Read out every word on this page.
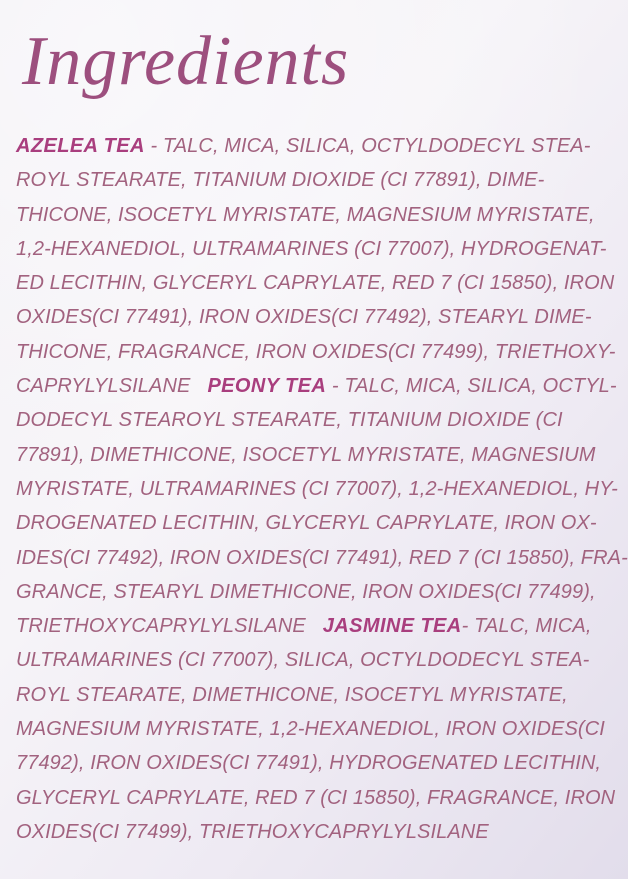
Ingredients
AZELEA TEA - TALC, MICA, SILICA, OCTYLDODECYL STEA-
ROYL STEARATE, TITANIUM DIOXIDE (CI 77891), DIME-
THICONE, ISOCETYL MYRISTATE, MAGNESIUM MYRISTATE,
1,2-HEXANEDIOL, ULTRAMARINES (CI 77007), HYDROGENAT-
ED LECITHIN, GLYCERYL CAPRYLATE, RED 7 (CI 15850), IRON
OXIDES(CI 77491), IRON OXIDES(CI 77492), STEARYL DIME-
THICONE, FRAGRANCE, IRON OXIDES(CI 77499), TRIETHOXY-
CAPRYLYLSILANE   PEONY TEA - TALC, MICA, SILICA, OCTYL-
DODECYL STEAROYL STEARATE, TITANIUM DIOXIDE (CI
77891), DIMETHICONE, ISOCETYL MYRISTATE, MAGNESIUM
MYRISTATE, ULTRAMARINES (CI 77007), 1,2-HEXANEDIOL, HY-
DROGENATED LECITHIN, GLYCERYL CAPRYLATE, IRON OX-
IDES(CI 77492), IRON OXIDES(CI 77491), RED 7 (CI 15850), FRA-
GRANCE, STEARYL DIMETHICONE, IRON OXIDES(CI 77499),
TRIETHOXYCAPRYLYLSILANE   JASMINE TEA- TALC, MICA,
ULTRAMARINES (CI 77007), SILICA, OCTYLDODECYL STEA-
ROYL STEARATE, DIMETHICONE, ISOCETYL MYRISTATE,
MAGNESIUM MYRISTATE, 1,2-HEXANEDIOL, IRON OXIDES(CI
77492), IRON OXIDES(CI 77491), HYDROGENATED LECITHIN,
GLYCERYL CAPRYLATE, RED 7 (CI 15850), FRAGRANCE, IRON
OXIDES(CI 77499), TRIETHOXYCAPRYLYLSILANE
